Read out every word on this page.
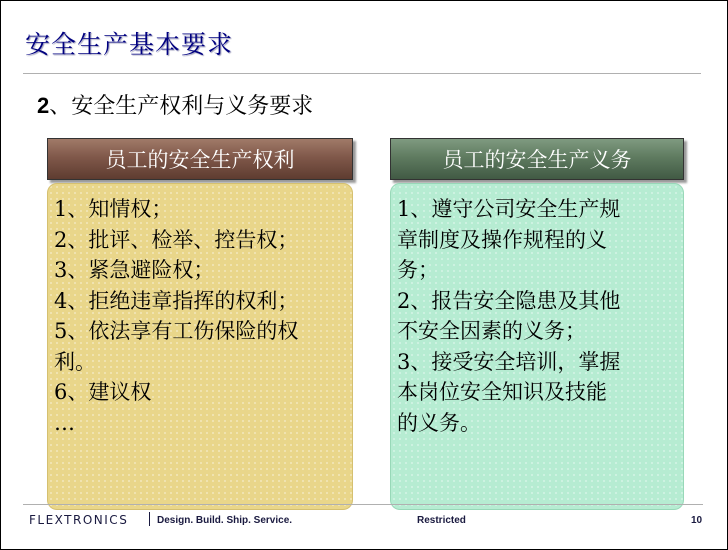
安全生产基本要求
2、安全生产权利与义务要求
员工的安全生产权利	员工的安全生产义务

1、知情权；

2、批评、检举、控告权；

3、紧急避险权；

4、拒绝违章指挥的权利；

5、依法享有工伤保险的权

利。

6、建议权

…

1、遵守公司安全生产规

章制度及操作规程的义

务；

2、报告安全隐患及其他

不安全因素的义务；

3、接受安全培训，掌握

本岗位安全知识及技能

的义务。

FLEXTRONICS	Design. Build. Ship. Service.	Restricted	10
